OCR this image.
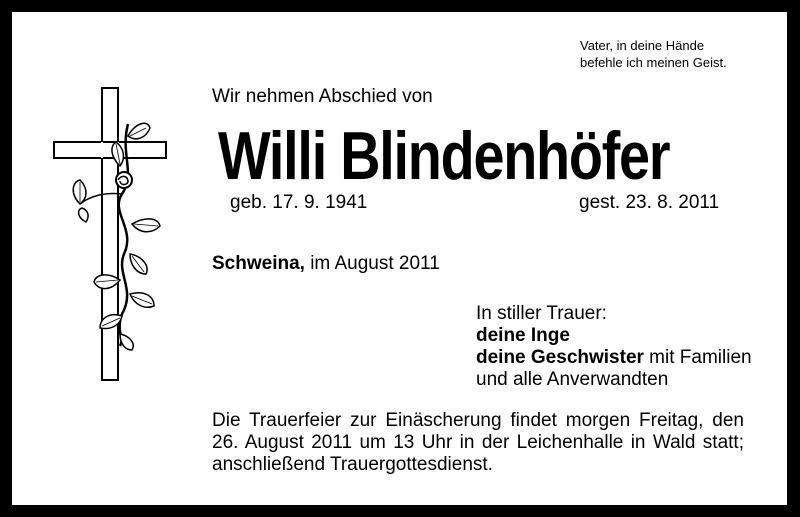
Vater, in deine Hände
befehle ich meinen Geist.
Wir nehmen Abschied von
Willi Blindenhöfer
geb. 17. 9. 1941	gest. 23. 8. 2011
Schweina, im August 2011
In stiller Trauer:
deine Inge
deine Geschwister mit Familien
und alle Anverwandten
Die Trauerfeier zur Einäscherung findet morgen Freitag, den
26. August 2011 um 13 Uhr in der Leichenhalle in Wald statt;
anschließend Trauergottesdienst.
